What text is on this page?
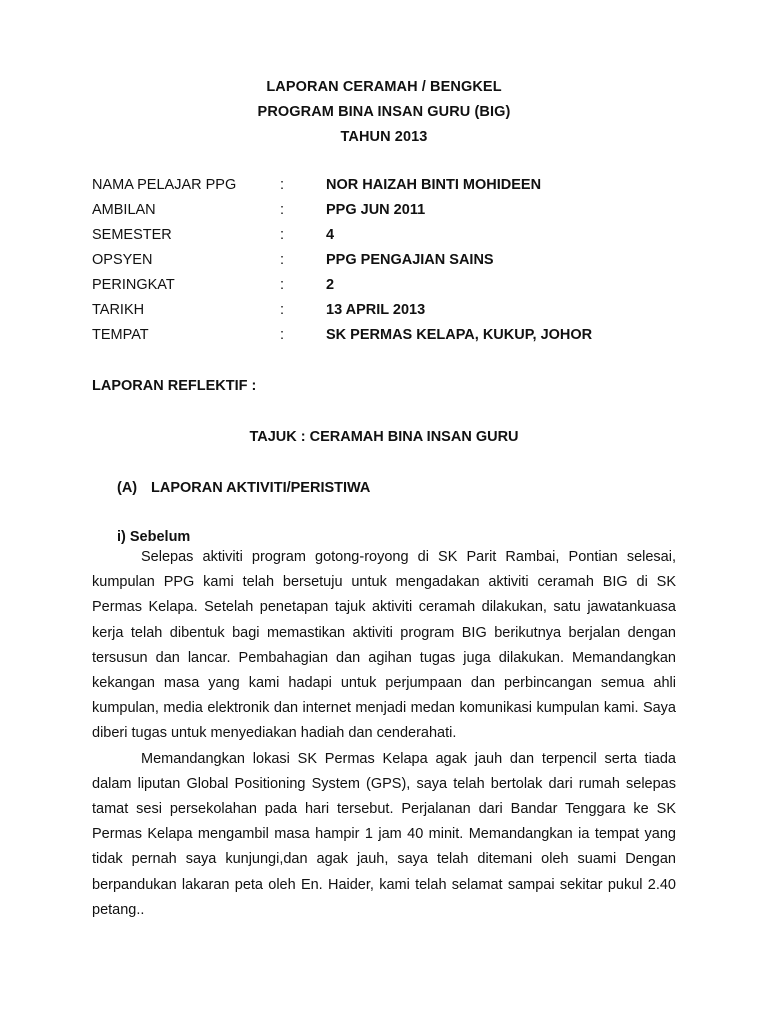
LAPORAN CERAMAH / BENGKEL
PROGRAM BINA INSAN GURU (BIG)
TAHUN 2013
NAMA PELAJAR PPG	:	NOR HAIZAH BINTI MOHIDEEN
AMBILAN	:	PPG JUN 2011
SEMESTER	:	4
OPSYEN	:	PPG PENGAJIAN SAINS
PERINGKAT	:	2
TARIKH	:	13 APRIL 2013
TEMPAT	:	SK PERMAS KELAPA, KUKUP, JOHOR
LAPORAN REFLEKTIF :
TAJUK : CERAMAH BINA INSAN GURU
(A) LAPORAN AKTIVITI/PERISTIWA
i) Sebelum

Selepas aktiviti program gotong-royong di SK Parit Rambai, Pontian selesai, kumpulan PPG kami telah bersetuju untuk mengadakan aktiviti ceramah BIG di SK Permas Kelapa. Setelah penetapan tajuk aktiviti ceramah dilakukan, satu jawatankuasa kerja telah dibentuk bagi memastikan aktiviti program BIG berikutnya berjalan dengan tersusun dan lancar. Pembahagian dan agihan tugas juga dilakukan. Memandangkan kekangan masa yang kami hadapi untuk perjumpaan dan perbincangan semua ahli kumpulan, media elektronik dan internet menjadi medan komunikasi kumpulan kami. Saya diberi tugas untuk menyediakan hadiah dan cenderahati.

Memandangkan lokasi SK Permas Kelapa agak jauh dan terpencil serta tiada dalam liputan Global Positioning System (GPS), saya telah bertolak dari rumah selepas tamat sesi persekolahan pada hari tersebut. Perjalanan dari Bandar Tenggara ke SK Permas Kelapa mengambil masa hampir 1 jam 40 minit. Memandangkan ia tempat yang tidak pernah saya kunjungi,dan agak jauh, saya telah ditemani oleh suami Dengan berpandukan lakaran peta oleh En. Haider, kami telah selamat sampai sekitar pukul 2.40 petang..
